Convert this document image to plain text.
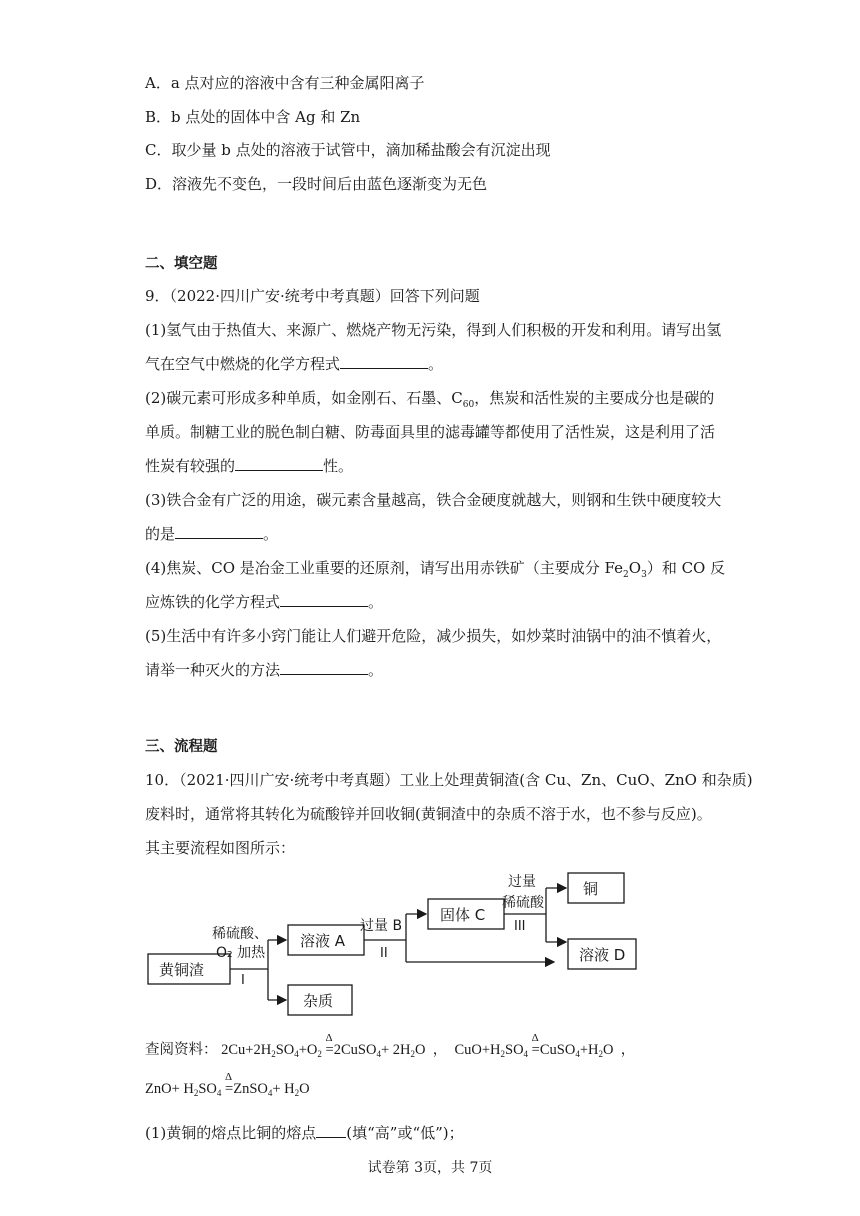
A．a 点对应的溶液中含有三种金属阳离子
B．b 点处的固体中含 Ag 和 Zn
C．取少量 b 点处的溶液于试管中，滴加稀盐酸会有沉淀出现
D．溶液先不变色，一段时间后由蓝色逐渐变为无色
二、填空题
9．（2022·四川广安·统考中考真题）回答下列问题
(1)氢气由于热值大、来源广、燃烧产物无污染，得到人们积极的开发和利用。请写出氢
气在空气中燃烧的化学方程式	。
(2)碳元素可形成多种单质，如金刚石、石墨、$C_{60}$，焦炭和活性炭的主要成分也是碳的
单质。制糖工业的脱色制白糖、防毒面具里的滤毒罐等都使用了活性炭，这是利用了活
性炭有较强的	性。
(3)铁合金有广泛的用途，碳元素含量越高，铁合金硬度就越大，则钢和生铁中硬度较大
的是	。
(4)焦炭、CO 是冶金工业重要的还原剂，请写出用赤铁矿（主要成分 $Fe_2O_3$）和 CO 反
应炼铁的化学方程式	。
(5)生活中有许多小窍门能让人们避开危险，减少损失，如炒菜时油锅中的油不慎着火，
请举一种灭火的方法	。
三、流程题
10．（2021·四川广安·统考中考真题）工业上处理黄铜渣(含 Cu、Zn、CuO、ZnO 和杂质)
废料时，通常将其转化为硫酸锌并回收铜(黄铜渣中的杂质不溶于水，也不参与反应)。
其主要流程如图所示：
黄铜渣
溶液 A
杂质
固体 C
铜
溶液 D
稀硫酸、
O₂ 加热
I
过量 B
II
过量
稀硫酸
III
查阅资料： $2Cu+2H_2SO_4+O_2$
Δ
=2CuSO$_4$+ $2H_2O$  ，  $CuO+H_2SO_4$
Δ
$=CuSO_4+H_2O$  ，
$ZnO+ H_2SO_4$
Δ
=ZnSO$_4$+ $H_2O$
(1)黄铜的熔点比铜的熔点 (填“高”或“低”)；
试卷第 3页，共 7页
